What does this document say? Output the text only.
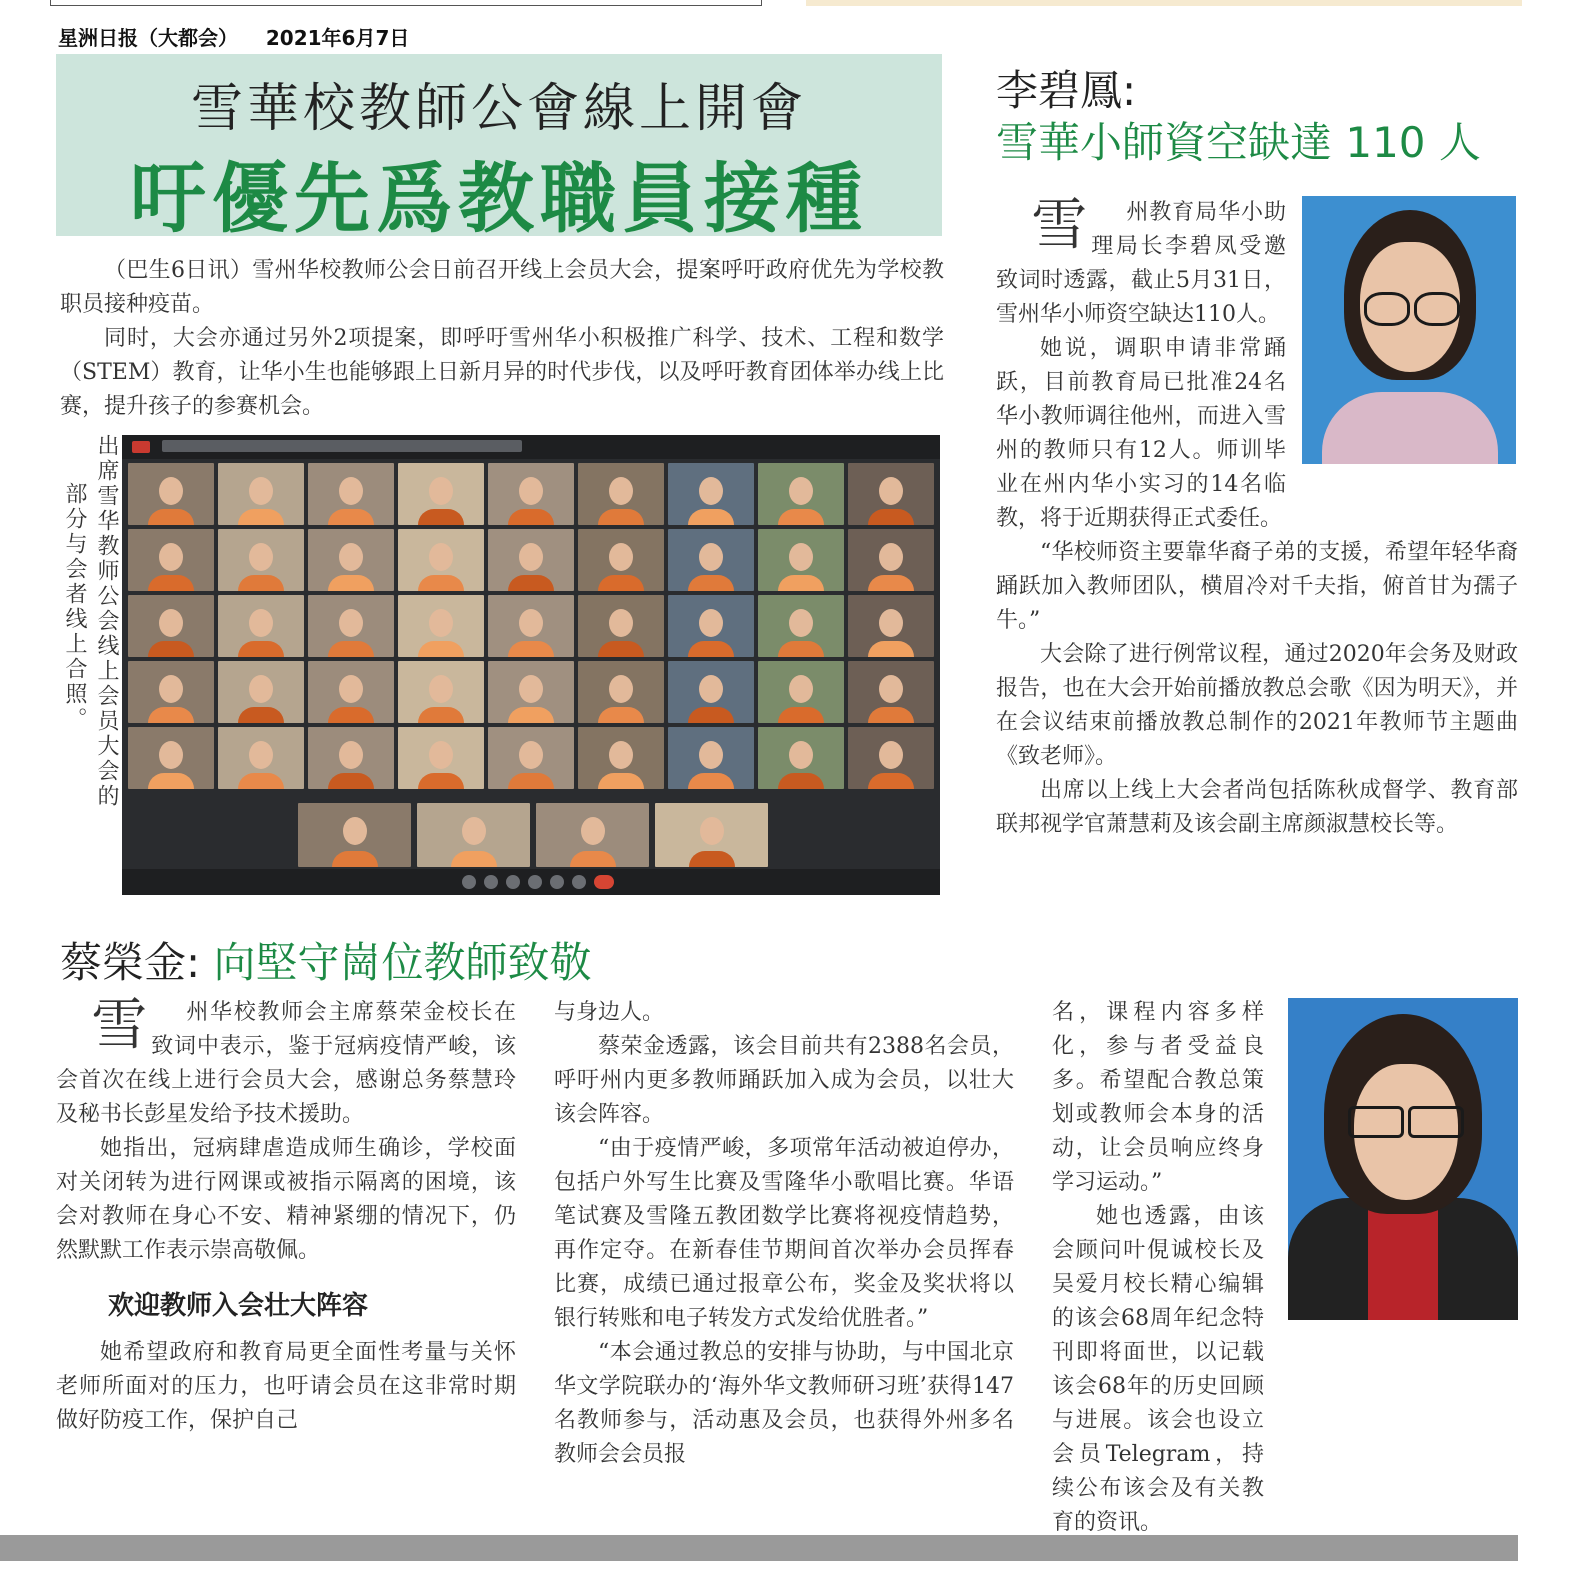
星洲日报（大都会） 2021年6月7日
雪華校教師公會線上開會
吁優先爲教職員接種

（巴生6日讯）雪州华校教师公会日前召开线上会员大会，提案呼吁政府优先为学校教职员接种疫苗。

同时，大会亦通过另外2项提案，即呼吁雪州华小积极推广科学、技术、工程和数学（STEM）教育，让华小生也能够跟上日新月异的时代步伐，以及呼吁教育团体举办线上比赛，提升孩子的参赛机会。

出席雪华教师公会线上会员大会的
部分与会者线上合照。
李碧鳳:
雪華小師資空缺達 110 人

雪 州教育局华小助理局长李碧凤受邀致词时透露，截止5月31日，雪州华小师资空缺达110人。

她说，调职申请非常踊跃，目前教育局已批准24名华小教师调往他州，而进入雪州的教师只有12人。师训毕业在州内华小实习的14名临教，将于近期获得正式委任。

“华校师资主要靠华裔子弟的支援，希望年轻华裔踊跃加入教师团队，横眉冷对千夫指，俯首甘为孺子牛。”

大会除了进行例常议程，通过2020年会务及财政报告，也在大会开始前播放教总会歌《因为明天》，并在会议结束前播放教总制作的2021年教师节主题曲《致老师》。

出席以上线上大会者尚包括陈秋成督学、教育部联邦视学官萧慧莉及该会副主席颜淑慧校长等。

蔡榮金: 向堅守崗位教師致敬

雪 州华校教师会主席蔡荣金校长在致词中表示，鉴于冠病疫情严峻，该会首次在线上进行会员大会，感谢总务蔡慧玲及秘书长彭星发给予技术援助。

她指出，冠病肆虐造成师生确诊，学校面对关闭转为进行网课或被指示隔离的困境，该会对教师在身心不安、精神紧绷的情况下，仍然默默工作表示崇高敬佩。

欢迎教师入会壮大阵容

她希望政府和教育局更全面性考量与关怀老师所面对的压力，也吁请会员在这非常时期做好防疫工作，保护自己

与身边人。

蔡荣金透露，该会目前共有2388名会员，呼吁州内更多教师踊跃加入成为会员，以壮大该会阵容。

“由于疫情严峻，多项常年活动被迫停办，包括户外写生比赛及雪隆华小歌唱比赛。华语笔试赛及雪隆五教团数学比赛将视疫情趋势，再作定夺。在新春佳节期间首次举办会员挥春比赛，成绩已通过报章公布，奖金及奖状将以银行转账和电子转发方式发给优胜者。”

“本会通过教总的安排与协助，与中国北京华文学院联办的‘海外华文教师研习班’获得147名教师参与，活动惠及会员，也获得外州多名教师会会员报

名，课程内容多样化，参与者受益良多。希望配合教总策划或教师会本身的活动，让会员响应终身学习运动。”

她也透露，由该会顾问叶俔诚校长及吴爱月校长精心编辑的该会68周年纪念特刊即将面世，以记载该会68年的历史回顾与进展。该会也设立会员Telegram，持续公布该会及有关教育的资讯。
